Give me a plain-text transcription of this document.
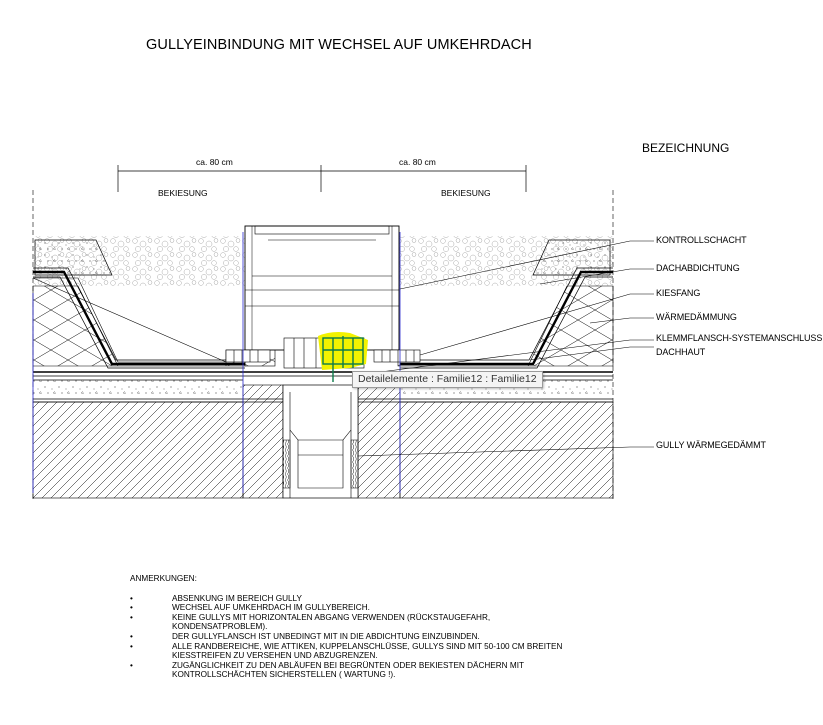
GULLYEINBINDUNG MIT WECHSEL AUF UMKEHRDACH
BEZEICHNUNG
ca. 80 cm	ca. 80 cm
BEKIESUNG	BEKIESUNG
KONTROLLSCHACHT
DACHABDICHTUNG
KIESFANG
WÄRMEDÄMMUNG
KLEMMFLANSCH-SYSTEMANSCHLUSS
DACHHAUT
GULLY WÄRMEGEDÄMMT
Detailelemente : Familie12 : Familie12
ANMERKUNGEN:
•	ABSENKUNG IM BEREICH GULLY
•	WECHSEL AUF UMKEHRDACH IM GULLYBEREICH.
•	KEINE GULLYS MIT HORIZONTALEN ABGANG VERWENDEN (RÜCKSTAUGEFAHR, KONDENSATPROBLEM).
•	DER GULLYFLANSCH IST UNBEDINGT MIT IN DIE ABDICHTUNG EINZUBINDEN.
•	ALLE RANDBEREICHE, WIE ATTIKEN, KUPPELANSCHLÜSSE, GULLYS SIND MIT 50-100 CM BREITEN KIESSTREIFEN ZU VERSEHEN UND ABZUGRENZEN.
•	ZUGÄNGLICHKEIT ZU DEN ABLÄUFEN BEI BEGRÜNTEN ODER BEKIESTEN DÄCHERN MIT KONTROLLSCHÄCHTEN SICHERSTELLEN ( WARTUNG !).
